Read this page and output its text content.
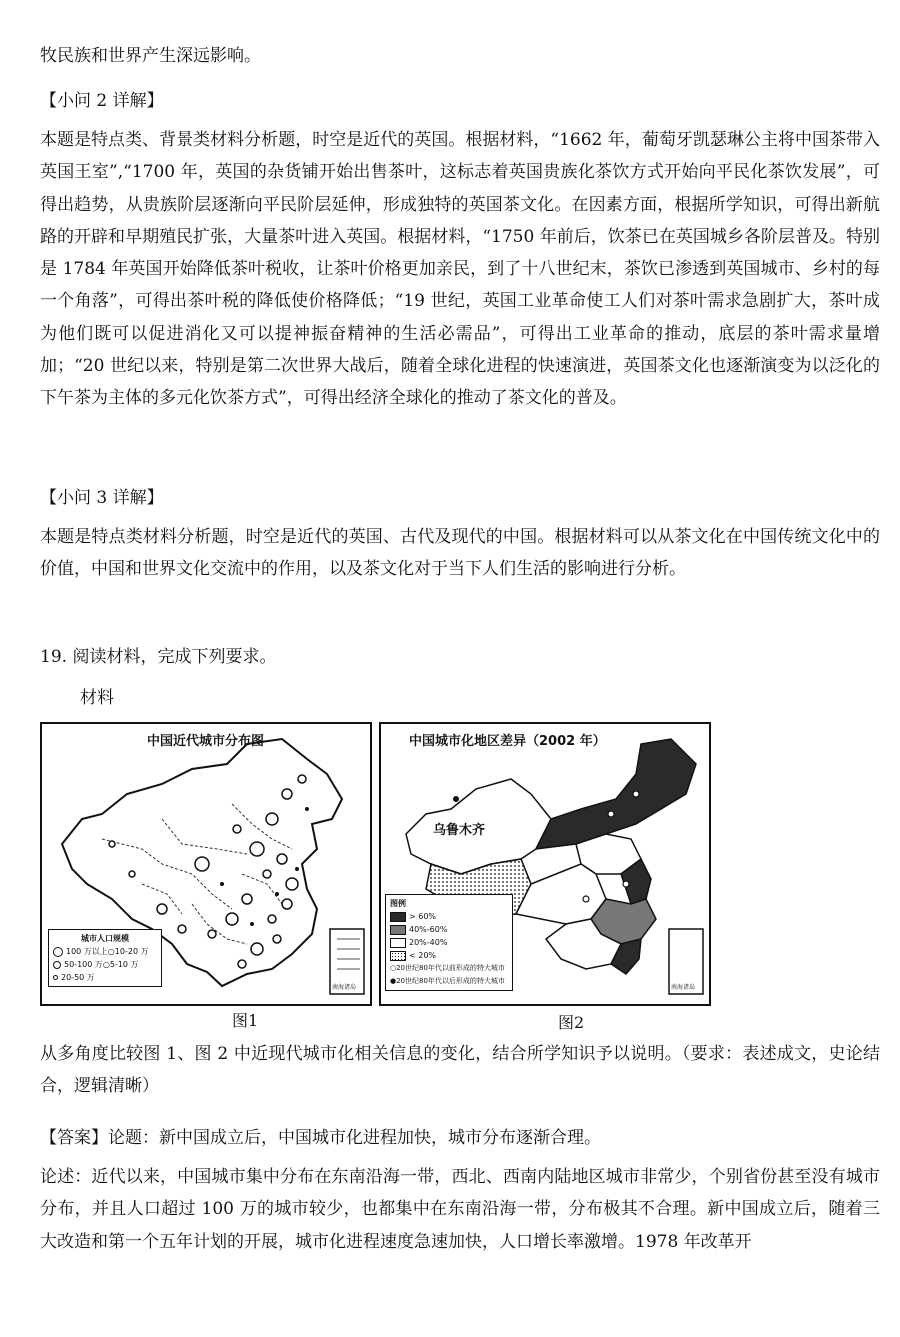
牧民族和世界产生深远影响。
【小问 2 详解】
本题是特点类、背景类材料分析题，时空是近代的英国。根据材料，“1662 年，葡萄牙凯瑟琳公主将中国茶带入英国王室”,“1700 年，英国的杂货铺开始出售茶叶，这标志着英国贵族化茶饮方式开始向平民化茶饮发展”，可得出趋势，从贵族阶层逐渐向平民阶层延伸，形成独特的英国茶文化。在因素方面，根据所学知识，可得出新航路的开辟和早期殖民扩张，大量茶叶进入英国。根据材料，“1750 年前后，饮茶已在英国城乡各阶层普及。特别是 1784 年英国开始降低茶叶税收，让茶叶价格更加亲民，到了十八世纪末，茶饮已渗透到英国城市、乡村的每一个角落”，可得出茶叶税的降低使价格降低；“19 世纪，英国工业革命使工人们对茶叶需求急剧扩大，茶叶成为他们既可以促进消化又可以提神振奋精神的生活必需品”，可得出工业革命的推动，底层的茶叶需求量增加；“20 世纪以来，特别是第二次世界大战后，随着全球化进程的快速演进，英国茶文化也逐渐演变为以泛化的下午茶为主体的多元化饮茶方式”，可得出经济全球化的推动了茶文化的普及。
【小问 3 详解】
本题是特点类材料分析题，时空是近代的英国、古代及现代的中国。根据材料可以从茶文化在中国传统文化中的价值，中国和世界文化交流中的作用，以及茶文化对于当下人们生活的影响进行分析。
19. 阅读材料，完成下列要求。
材料
中国近代城市分布图
城市人口规模
100 万以上○10-20 万
50-100 万○5-10 万
20-50 万
南海诸岛
图1
中国城市化地区差异（2002 年）
乌鲁木齐
图例
> 60%
40%-60%
20%-40%
< 20%
○20世纪80年代以前形成的特大城市
●20世纪80年代以后形成的特大城市
南海诸岛
图2
从多角度比较图 1、图 2 中近现代城市化相关信息的变化，结合所学知识予以说明。（要求：表述成文，史论结合，逻辑清晰）
【答案】论题：新中国成立后，中国城市化进程加快，城市分布逐渐合理。
论述：近代以来，中国城市集中分布在东南沿海一带，西北、西南内陆地区城市非常少，个别省份甚至没有城市分布，并且人口超过 100 万的城市较少，也都集中在东南沿海一带，分布极其不合理。新中国成立后，随着三大改造和第一个五年计划的开展，城市化进程速度急速加快，人口增长率激增。1978 年改革开
